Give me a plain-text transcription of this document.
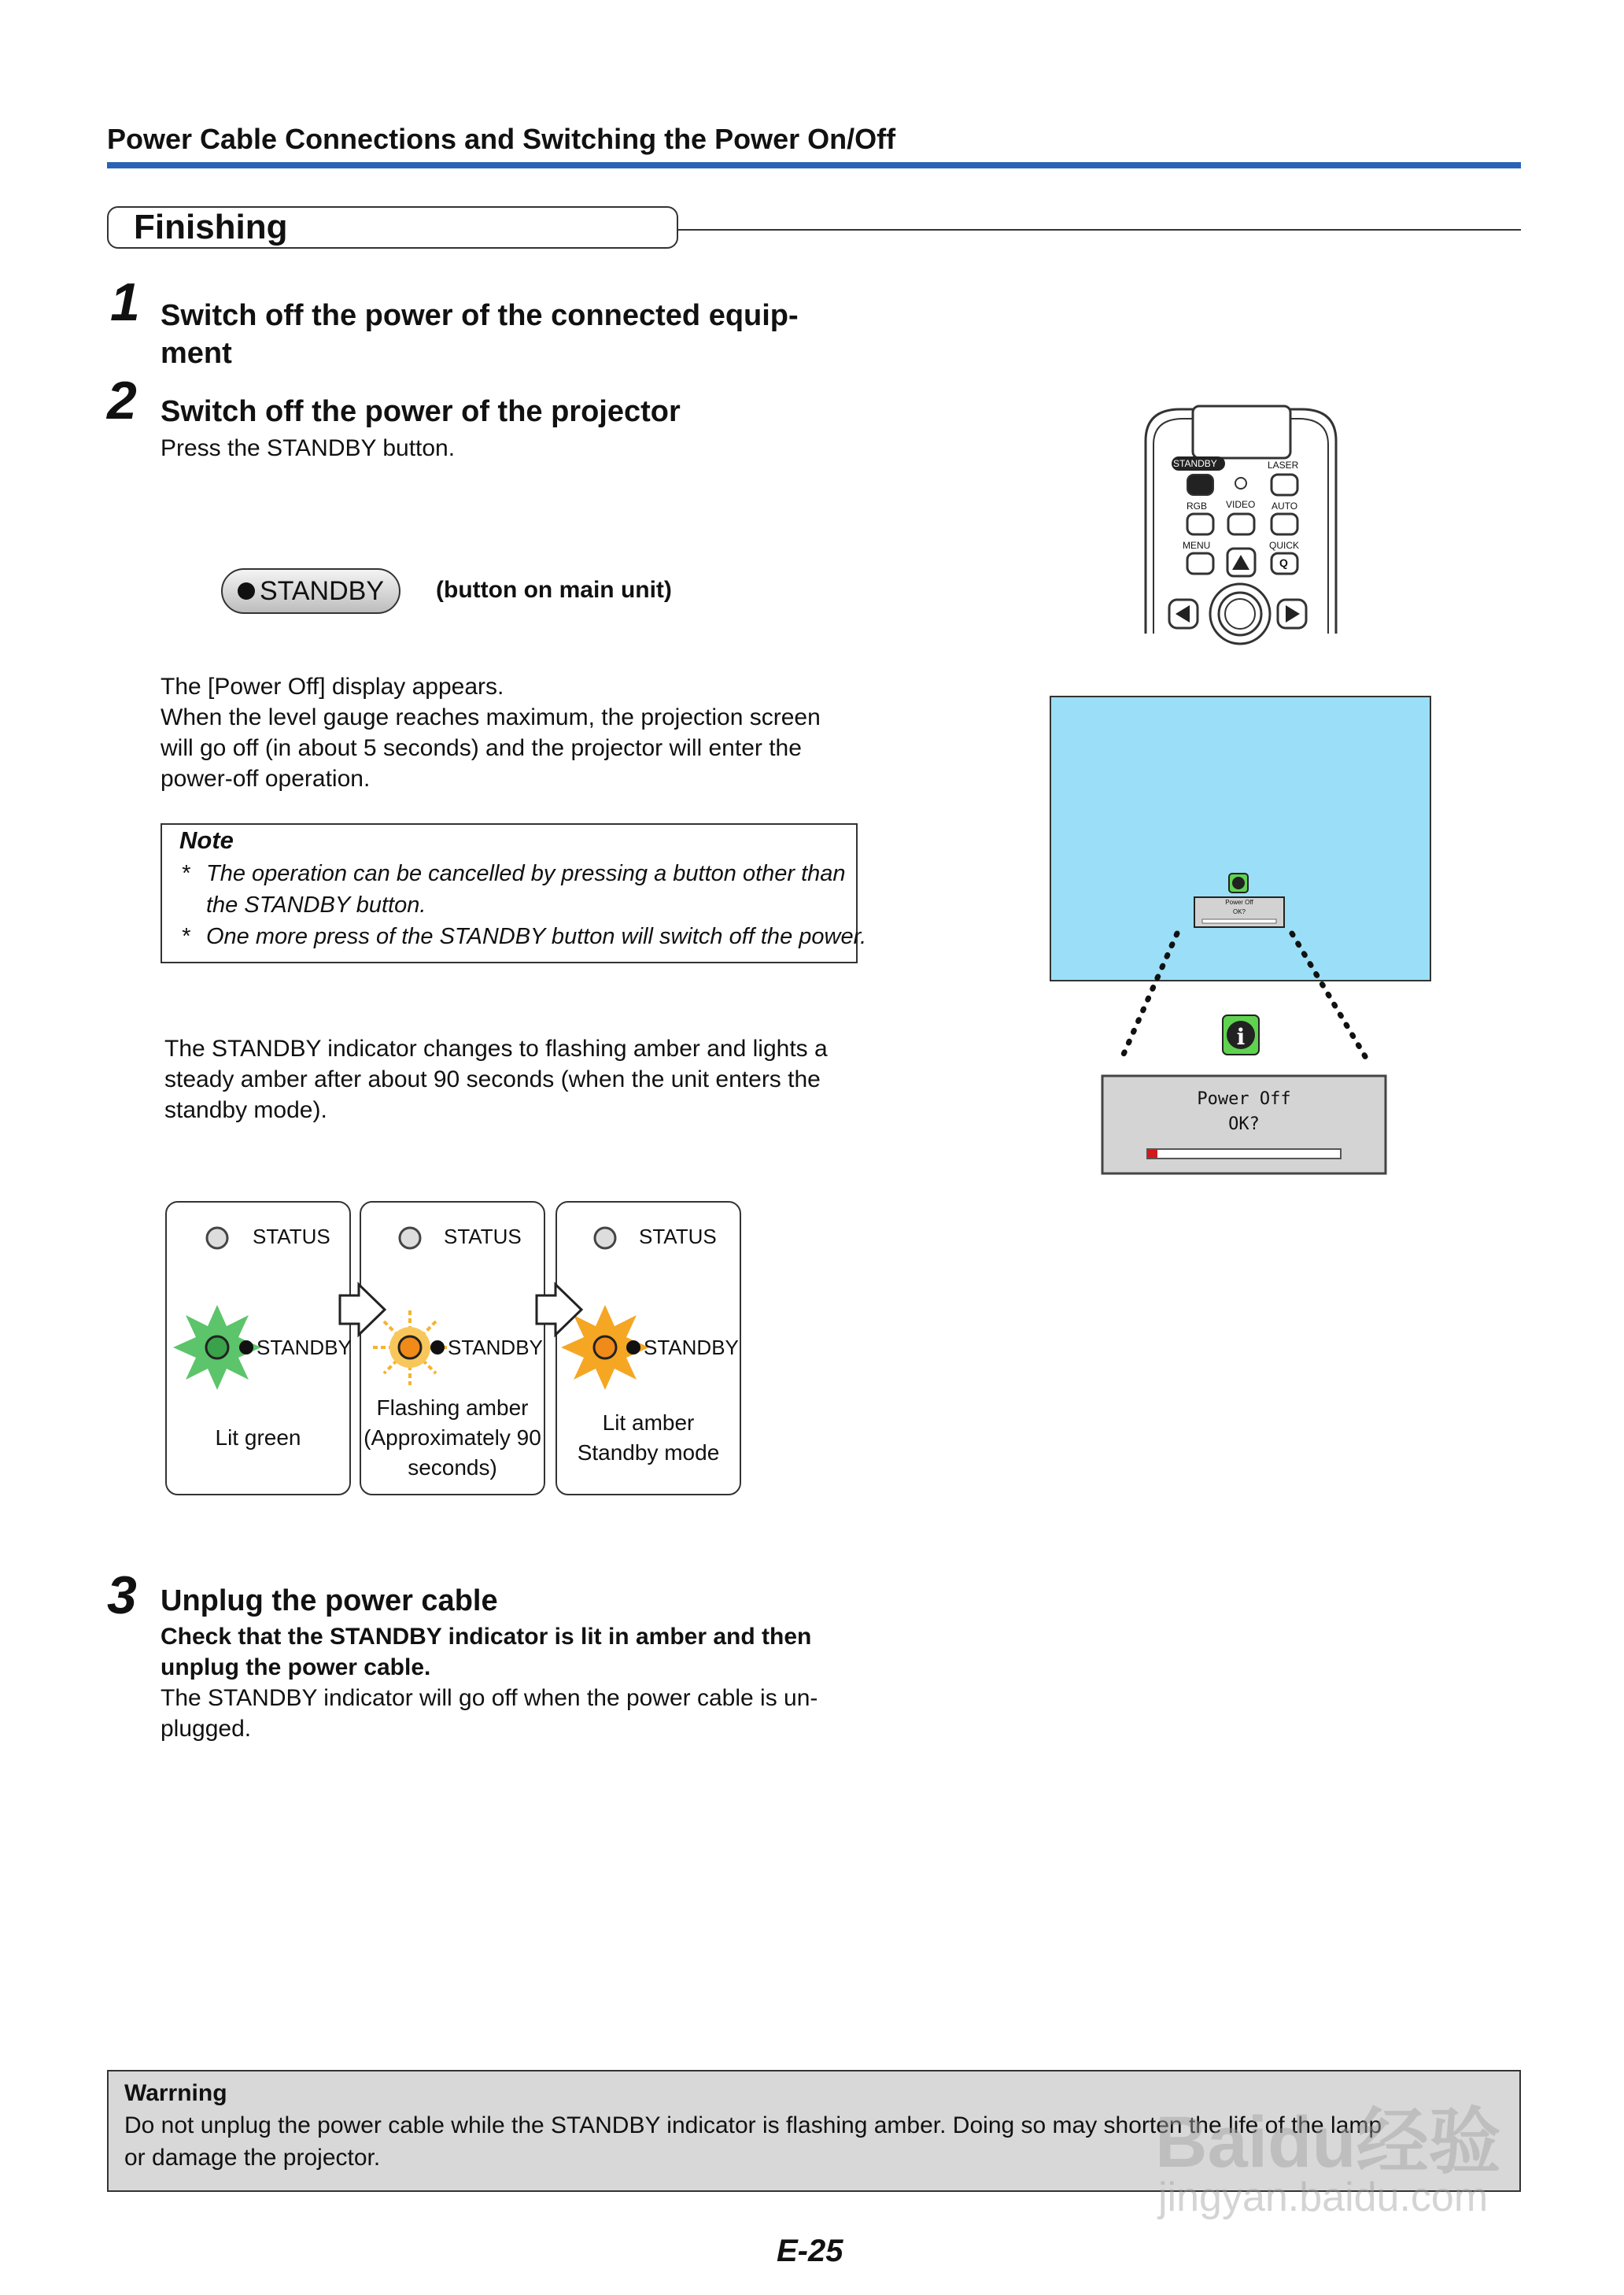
Power Cable Connections and Switching the Power On/Off
Finishing
1 Switch off the power of the connected equip-
ment
2 Switch off the power of the projector
Press the STANDBY button.
STANDBY (button on main unit)
The [Power Off] display appears.
When the level gauge reaches maximum, the projection screen
will go off (in about 5 seconds) and the projector will enter the
power-off operation.
Note
* The operation can be cancelled by pressing a button other than
the STANDBY button.
* One more press of the STANDBY button will switch off the power.
The STANDBY indicator changes to flashing amber and lights a
steady amber after about 90 seconds (when the unit enters the
standby mode).
i
STATUS
STANDBY
Lit green
STATUS
STANDBY
Flashing amber
(Approximately 90
seconds)
STATUS
STANDBY
Lit amber
Standby mode
STANDBY	LASER
RGB VIDEO AUTO
MENU	QUICK
Q
Power Off
OK?
Power Off
OK?
3 Unplug the power cable
Check that the STANDBY indicator is lit in amber and then
unplug the power cable.
The STANDBY indicator will go off when the power cable is un-
plugged.
Warrning
Do not unplug the power cable while the STANDBY indicator is flashing amber. Doing so may shorten the life of the lamp
or damage the projector.	Baidu经验
jingyan.baidu.com
E-25
